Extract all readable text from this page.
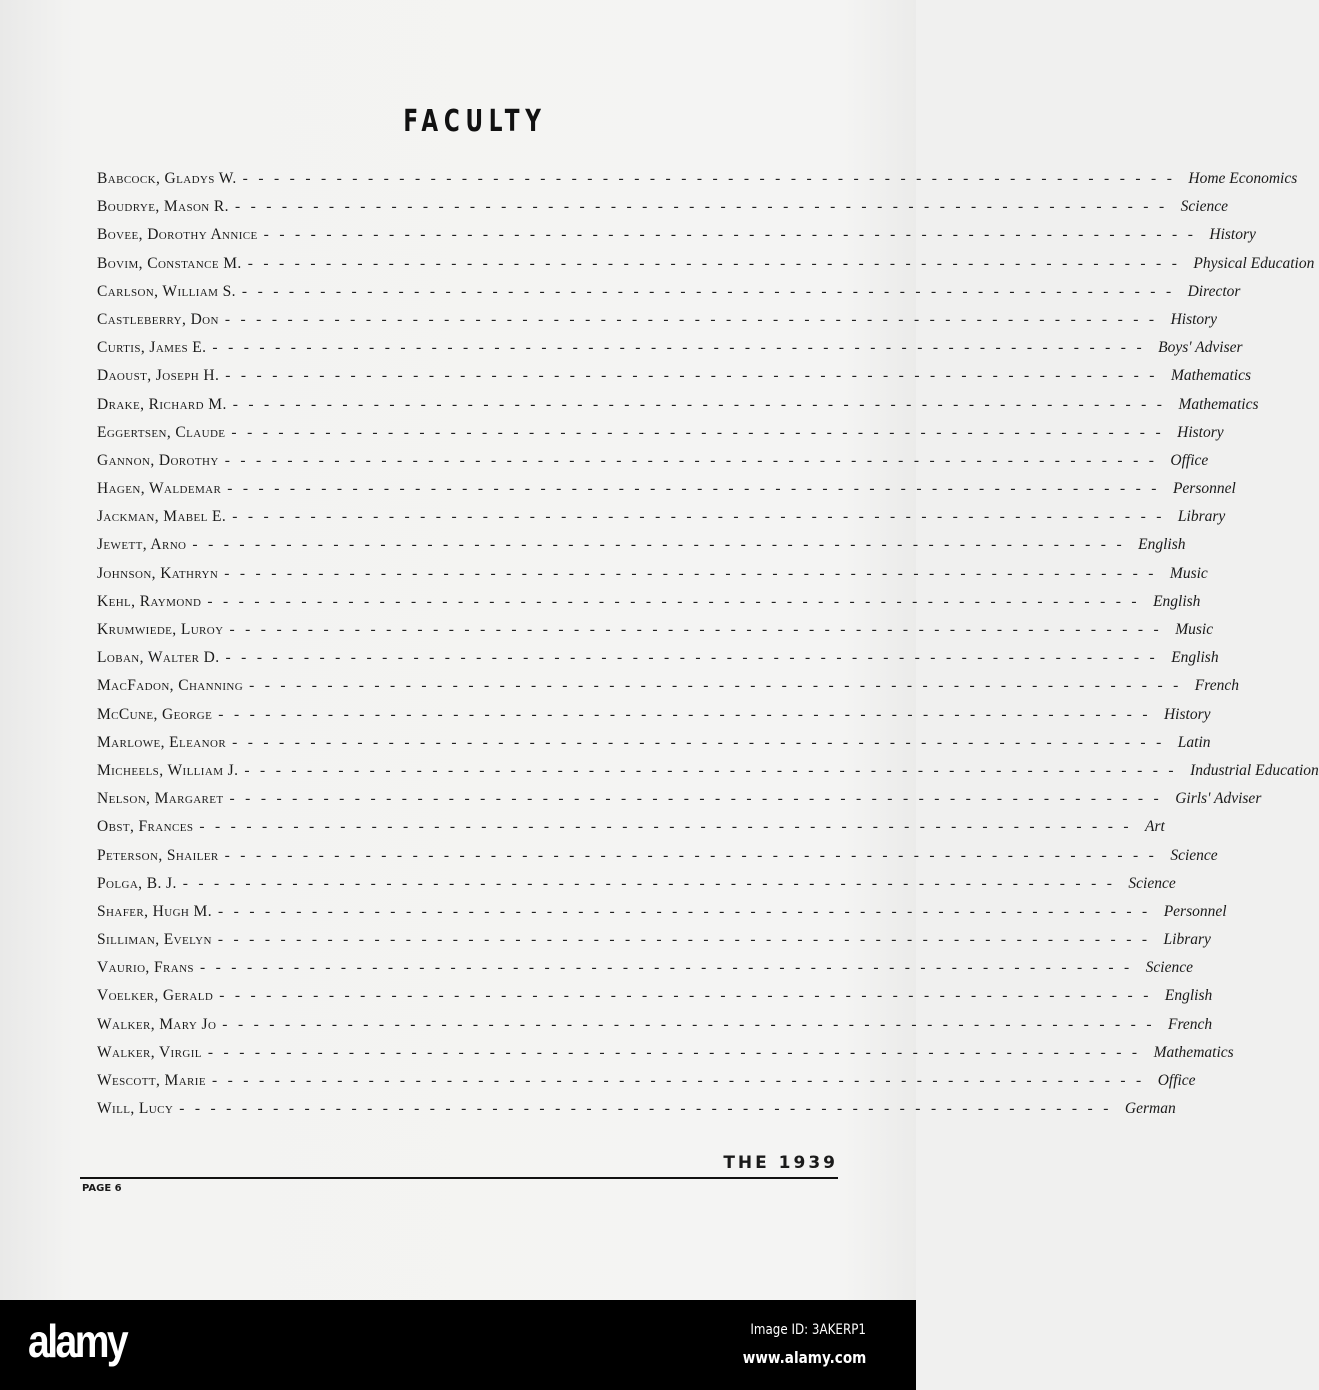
FACULTY
Babcock, Gladys W. ------------------------------------------------------------ Home Economics
Boudrye, Mason R. ------------------------------------------------------------ Science
Bovee, Dorothy Annice ------------------------------------------------------------ History
Bovim, Constance M. ------------------------------------------------------------ Physical Education
Carlson, William S. ------------------------------------------------------------ Director
Castleberry, Don ------------------------------------------------------------ History
Curtis, James E. ------------------------------------------------------------ Boys' Adviser
Daoust, Joseph H. ------------------------------------------------------------ Mathematics
Drake, Richard M. ------------------------------------------------------------ Mathematics
Eggertsen, Claude ------------------------------------------------------------ History
Gannon, Dorothy ------------------------------------------------------------ Office
Hagen, Waldemar ------------------------------------------------------------ Personnel
Jackman, Mabel E. ------------------------------------------------------------ Library
Jewett, Arno ------------------------------------------------------------ English
Johnson, Kathryn ------------------------------------------------------------ Music
Kehl, Raymond ------------------------------------------------------------ English
Krumwiede, Luroy ------------------------------------------------------------ Music
Loban, Walter D. ------------------------------------------------------------ English
MacFadon, Channing ------------------------------------------------------------ French
McCune, George ------------------------------------------------------------ History
Marlowe, Eleanor ------------------------------------------------------------ Latin
Micheels, William J. ------------------------------------------------------------ Industrial Education
Nelson, Margaret ------------------------------------------------------------ Girls' Adviser
Obst, Frances ------------------------------------------------------------ Art
Peterson, Shailer ------------------------------------------------------------ Science
Polga, B. J. ------------------------------------------------------------ Science
Shafer, Hugh M. ------------------------------------------------------------ Personnel
Silliman, Evelyn ------------------------------------------------------------ Library
Vaurio, Frans ------------------------------------------------------------ Science
Voelker, Gerald ------------------------------------------------------------ English
Walker, Mary Jo ------------------------------------------------------------ French
Walker, Virgil ------------------------------------------------------------ Mathematics
Wescott, Marie ------------------------------------------------------------ Office
Will, Lucy ------------------------------------------------------------ German
THE 1939
PAGE 6
alamy	Image ID: 3AKERP1
www.alamy.com
